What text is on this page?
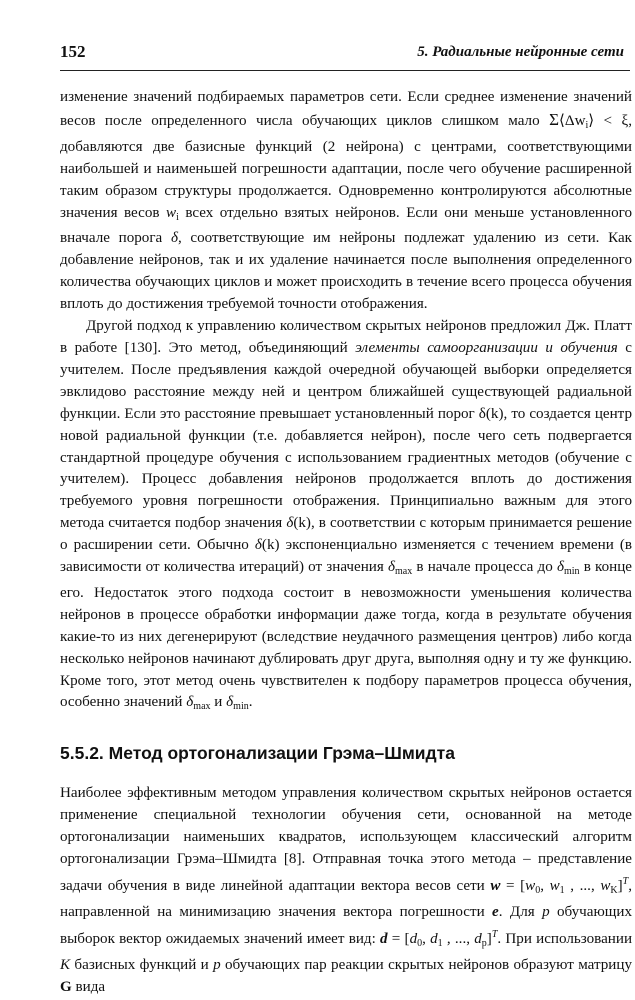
152	5. Радиальные нейронные сети

изменение значений подбираемых параметров сети. Если среднее изменение значений весов после определенного числа обучающих циклов слишком мало $\Sigma⟨\Delta w_i⟩ < \xi$, добавляются две базисные функций (2 нейрона) с центрами, соответствующими наибольшей и наименьшей погрешности адаптации, после чего обучение расширенной таким образом структуры продолжается. Одновременно контролируются абсолютные значения весов $w_i$ всех отдельно взятых нейронов. Если они меньше установленного вначале порога δ, соответствующие им нейроны подлежат удалению из сети. Как добавление нейронов, так и их удаление начинается после выполнения определенного количества обучающих циклов и может происходить в течение всего процесса обучения вплоть до достижения требуемой точности отображения.

Другой подход к управлению количеством скрытых нейронов предложил Дж. Платт в работе [130]. Это метод, объединяющий элементы самоорганизации и обучения с учителем. После предъявления каждой очередной обучающей выборки определяется эвклидово расстояние между ней и центром ближайшей существующей радиальной функции. Если это расстояние превышает установленный порог δ(k), то создается центр новой радиальной функции (т.е. добавляется нейрон), после чего сеть подвергается стандартной процедуре обучения с использованием градиентных методов (обучение с учителем). Процесс добавления нейронов продолжается вплоть до достижения требуемого уровня погрешности отображения. Принципиально важным для этого метода считается подбор значения δ(k), в соответствии с которым принимается решение о расширении сети. Обычно δ(k) экспоненциально изменяется с течением времени (в зависимости от количества итераций) от значения $\delta_{max}$ в начале процесса до $\delta_{min}$ в конце его. Недостаток этого подхода состоит в невозможности уменьшения количества нейронов в процессе обработки информации даже тогда, когда в результате обучения какие-то из них дегенерируют (вследствие неудачного размещения центров) либо когда несколько нейронов начинают дублировать друг друга, выполняя одну и ту же функцию. Кроме того, этот метод очень чувствителен к подбору параметров процесса обучения, особенно значений $\delta_{max}$ и $\delta_{min}$.

5.5.2. Метод ортогонализации Грэма–Шмидта

Наиболее эффективным методом управления количеством скрытых нейронов остается применение специальной технологии обучения сети, основанной на методе ортогонализации наименьших квадратов, использующем классический алгоритм ортогонализации Грэма–Шмидта [8]. Отправная точка этого метода – представление задачи обучения в виде линейной адаптации вектора весов сети $w = [w_0$, $w_1$ , ..., $w_K]^T$, направленной на минимизацию значения вектора погрешности e. Для p обучающих выборок вектор ожидаемых значений имеет вид: $d = [d_0$, $d_1$ , ..., $d_p]^T$. При использовании K базисных функций и p обучающих пар реакции скрытых нейронов образуют матрицу G вида
